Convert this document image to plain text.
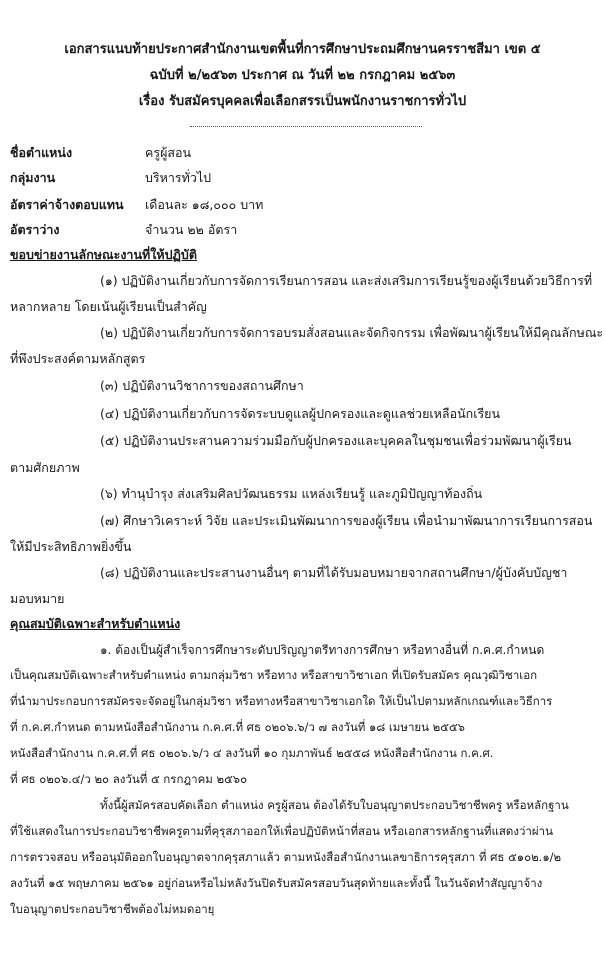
เอกสารแนบท้ายประกาศสำนักงานเขตพื้นที่การศึกษาประถมศึกษานครราชสีมา เขต ๕
ฉบับที่ ๒/๒๕๖๓ ประกาศ ณ วันที่ ๒๒ กรกฎาคม ๒๕๖๓
เรื่อง รับสมัครบุคคลเพื่อเลือกสรรเป็นพนักงานราชการทั่วไป
ชื่อตำแหน่ง	ครูผู้สอน
กลุ่มงาน	บริหารทั่วไป
อัตราค่าจ้างตอบแทน เดือนละ ๑๘,๐๐๐ บาท
อัตราว่าง	จำนวน ๒๒ อัตรา
ขอบข่ายงานลักษณะงานที่ให้ปฏิบัติ
(๑) ปฏิบัติงานเกี่ยวกับการจัดการเรียนการสอน และส่งเสริมการเรียนรู้ของผู้เรียนด้วยวิธีการที่
หลากหลาย โดยเน้นผู้เรียนเป็นสำคัญ
(๒) ปฏิบัติงานเกี่ยวกับการจัดการอบรมสั่งสอนและจัดกิจกรรม เพื่อพัฒนาผู้เรียนให้มีคุณลักษณะ
ที่พึงประสงค์ตามหลักสูตร
(๓) ปฏิบัติงานวิชาการของสถานศึกษา
(๔) ปฏิบัติงานเกี่ยวกับการจัดระบบดูแลผู้ปกครองและดูแลช่วยเหลือนักเรียน
(๕) ปฏิบัติงานประสานความร่วมมือกับผู้ปกครองและบุคคลในชุมชนเพื่อร่วมพัฒนาผู้เรียน
ตามศักยภาพ
(๖) ทำนุบำรุง ส่งเสริมศิลปวัฒนธรรม แหล่งเรียนรู้ และภูมิปัญญาท้องถิ่น
(๗) ศึกษาวิเคราะห์ วิจัย และประเมินพัฒนาการของผู้เรียน เพื่อนำมาพัฒนาการเรียนการสอน
ให้มีประสิทธิภาพยิ่งขึ้น
(๘) ปฏิบัติงานและประสานงานอื่นๆ ตามที่ได้รับมอบหมายจากสถานศึกษา/ผู้บังคับบัญชา
มอบหมาย
คุณสมบัติเฉพาะสำหรับตำแหน่ง
๑. ต้องเป็นผู้สำเร็จการศึกษาระดับปริญญาตรีทางการศึกษา หรือทางอื่นที่ ก.ค.ศ.กำหนด
เป็นคุณสมบัติเฉพาะสำหรับตำแหน่ง ตามกลุ่มวิชา หรือทาง หรือสาขาวิชาเอก ที่เปิดรับสมัคร คุณวุฒิวิชาเอก
ที่นำมาประกอบการสมัครจะจัดอยู่ในกลุ่มวิชา หรือทางหรือสาขาวิชาเอกใด ให้เป็นไปตามหลักเกณฑ์และวิธีการ
ที่ ก.ค.ศ.กำหนด ตามหนังสือสำนักงาน ก.ค.ศ.ที่ ศธ ๐๒๐๖.๖/ว ๗ ลงวันที่ ๑๘ เมษายน ๒๕๕๖
หนังสือสำนักงาน ก.ค.ศ.ที่ ศธ ๐๒๐๖.๖/ว ๔ ลงวันที่ ๑๐ กุมภาพันธ์ ๒๕๕๘ หนังสือสำนักงาน ก.ค.ศ.
ที่ ศธ ๐๒๐๖.๔/ว ๒๐ ลงวันที่ ๕ กรกฎาคม ๒๕๖๐
ทั้งนี้ผู้สมัครสอบคัดเลือก ตำแหน่ง ครูผู้สอน ต้องได้รับใบอนุญาตประกอบวิชาชีพครู หรือหลักฐาน
ที่ใช้แสดงในการประกอบวิชาชีพครูตามที่คุรุสภาออกให้เพื่อปฏิบัติหน้าที่สอน หรือเอกสารหลักฐานที่แสดงว่าผ่าน
การตรวจสอบ หรืออนุมัติออกใบอนุญาตจากคุรุสภาแล้ว ตามหนังสือสำนักงานเลขาธิการคุรุสภา ที่ ศธ ๕๑๐๒.๑/๒
ลงวันที่ ๑๕ พฤษภาคม ๒๕๖๑ อยู่ก่อนหรือไม่หลังวันปิดรับสมัครสอบวันสุดท้ายและทั้งนี้ ในวันจัดทำสัญญาจ้าง
ใบอนุญาตประกอบวิชาชีพต้องไม่หมดอายุ
